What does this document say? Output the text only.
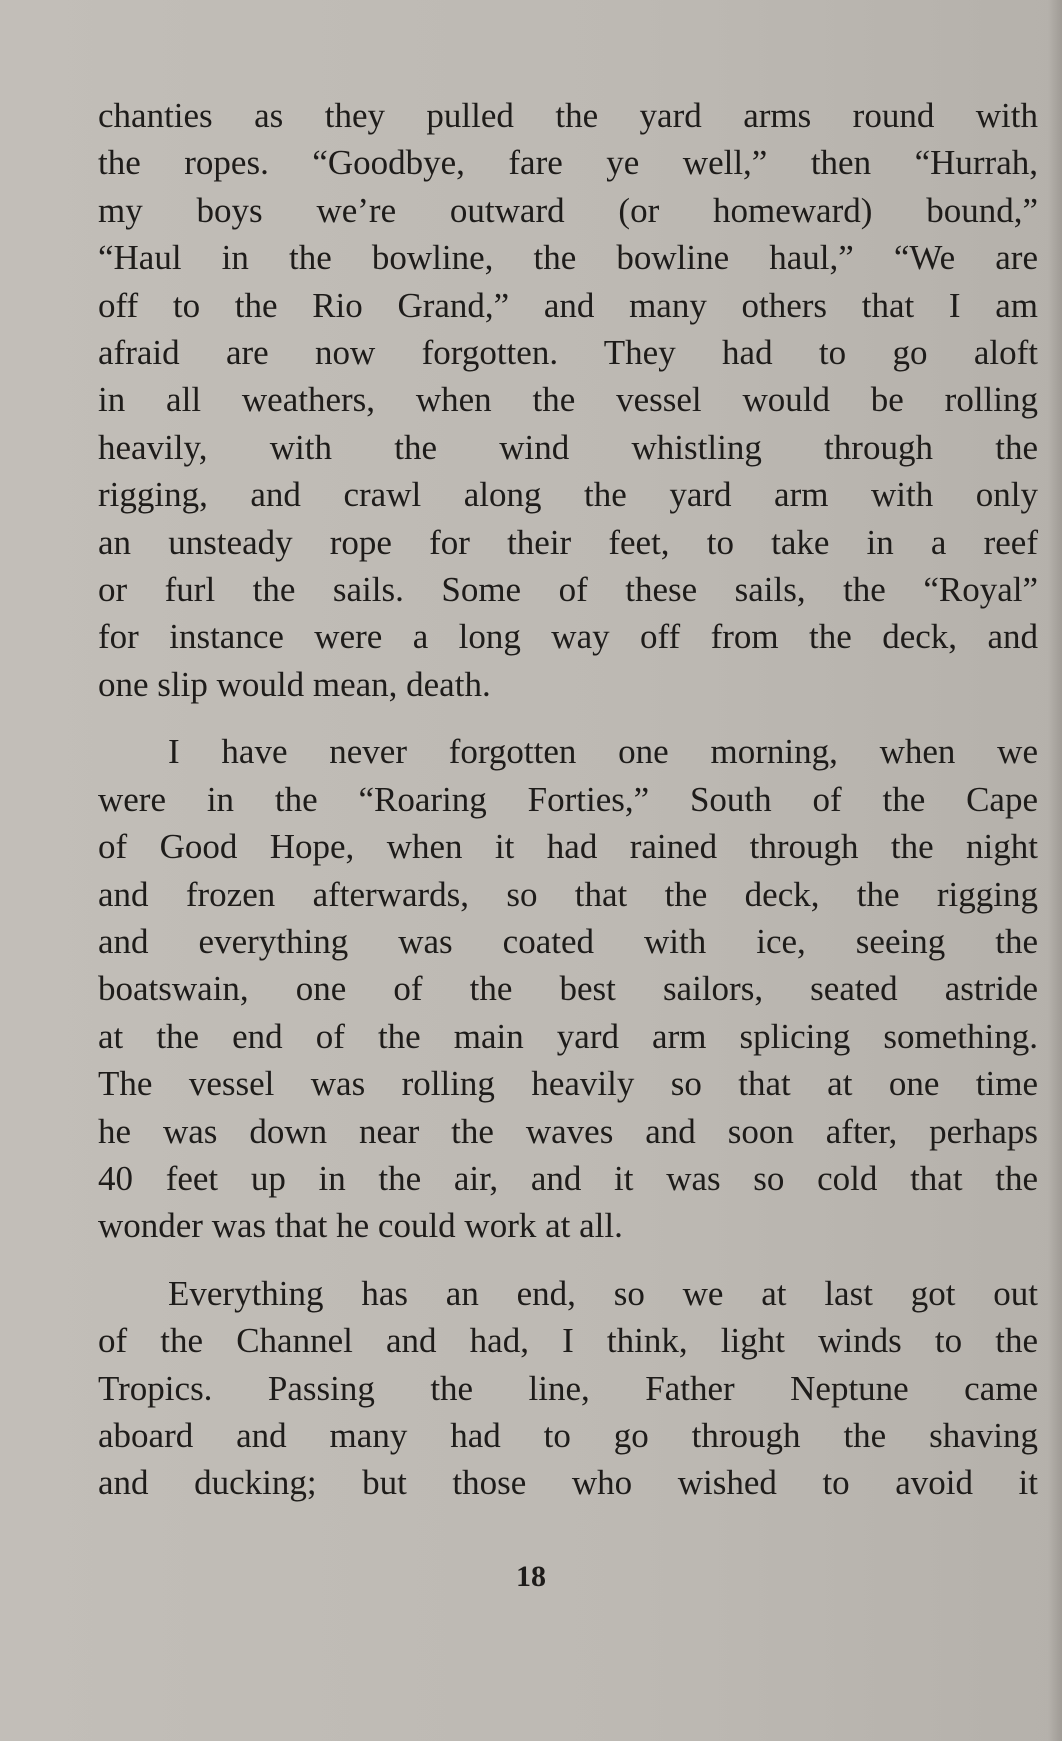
chanties as they pulled the yard arms round with
the ropes. “Goodbye, fare ye well,” then “Hurrah,
my boys we’re outward (or homeward) bound,”
“Haul in the bowline, the bowline haul,” “We are
off to the Rio Grand,” and many others that I am
afraid are now forgotten. They had to go aloft
in all weathers, when the vessel would be rolling
heavily, with the wind whistling through the
rigging, and crawl along the yard arm with only
an unsteady rope for their feet, to take in a reef
or furl the sails. Some of these sails, the “Royal”
for instance were a long way off from the deck, and
one slip would mean, death.

I have never forgotten one morning, when we
were in the “Roaring Forties,” South of the Cape
of Good Hope, when it had rained through the night
and frozen afterwards, so that the deck, the rigging
and everything was coated with ice, seeing the
boatswain, one of the best sailors, seated astride
at the end of the main yard arm splicing something.
The vessel was rolling heavily so that at one time
he was down near the waves and soon after, perhaps
40 feet up in the air, and it was so cold that the
wonder was that he could work at all.

Everything has an end, so we at last got out
of the Channel and had, I think, light winds to the
Tropics. Passing the line, Father Neptune came
aboard and many had to go through the shaving
and ducking; but those who wished to avoid it

18
